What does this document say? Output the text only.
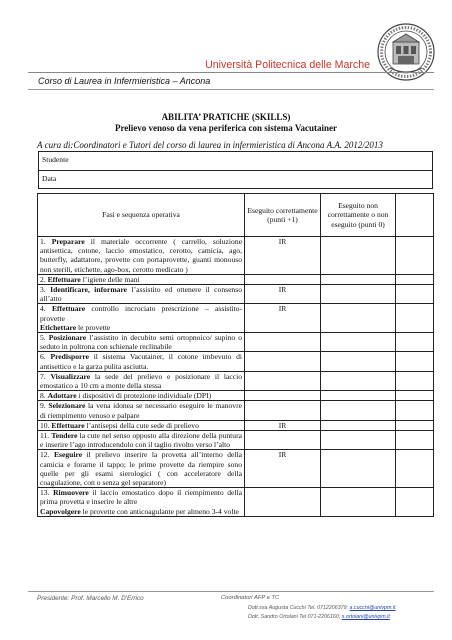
Università Politecnica delle Marche
Corso di Laurea in Infermieristica – Ancona
ABILITA’ PRATICHE (SKILLS)
Prelievo venoso da vena periferica con sistema Vacutainer
A cura di:Coordinatori e Tutori del corso di laurea in infermieristica di Ancona A.A. 2012/2013
Studente
Data
Fasi e sequenza operativa	Eseguito correttamente (punti +1)	Eseguito non correttamente o non eseguito (punti 0)	
1. Preparare il materiale occorrente ( carrello, soluzione antisettica, cotone, laccio emostatico, cerotto, camicia, ago, butterfly, adattatore, provette con portaprovette, guanti monouso non sterili, etichette, ago-box, cerotto medicato )	IR		
2. Effettuare l’igiene delle mani			
3. Identificare, informare l’assistito ed ottenere il consenso all’atto	IR		
4. Effettuare controllo incrociato prescrizione – assistito- provette
Etichettare le provette	IR		
5. Posizionare l’assistito in decubito semi ortopnoico/ supino o seduto in poltrona con schienale reclinabile			
6. Predisporre il sistema Vacutainer, il cotone imbevuto di antisettico e la garza pulita asciutta.			
7. Visualizzare la sede del prelievo e posizionare il laccio emostatico a 10 cm a monte della stessa			
8. Adottare i dispositivi di protezione individuale (DPI)			
9. Selezionare la vena idonea se necessario eseguire le manovre di riempimento venoso e palpare			
10. Effettuare l’antisepsi della cute sede di prelievo	IR		
11. Tendere la cute nel senso opposto alla direzione della puntura e inserire l’ago introducendolo con il taglio rivolto verso l’alto			
12. Eseguire il prelievo inserire la provetta all’interno della camicia e forarne il tappo; le prime provette da riempire sono quelle per gli esami sierologici ( con acceleratore della coagulazione, con o senza gel separatore)	IR		
13. Rimuovere il laccio emostatico dopo il riempimento della prima provetta e inserire le altre
Capovolgere le provette con anticoagulante per almeno 3-4 volte			
Presidente: Prof. Marcello M. D'Errico	Coordinatori AFP e TC
Dott.ssa Augusta Cucchi Tel. 0712206379; a.cucchi@univpm.it
Dott. Sandro Ortolani Tel 071-2206160; s.ortolani@univpm.it
